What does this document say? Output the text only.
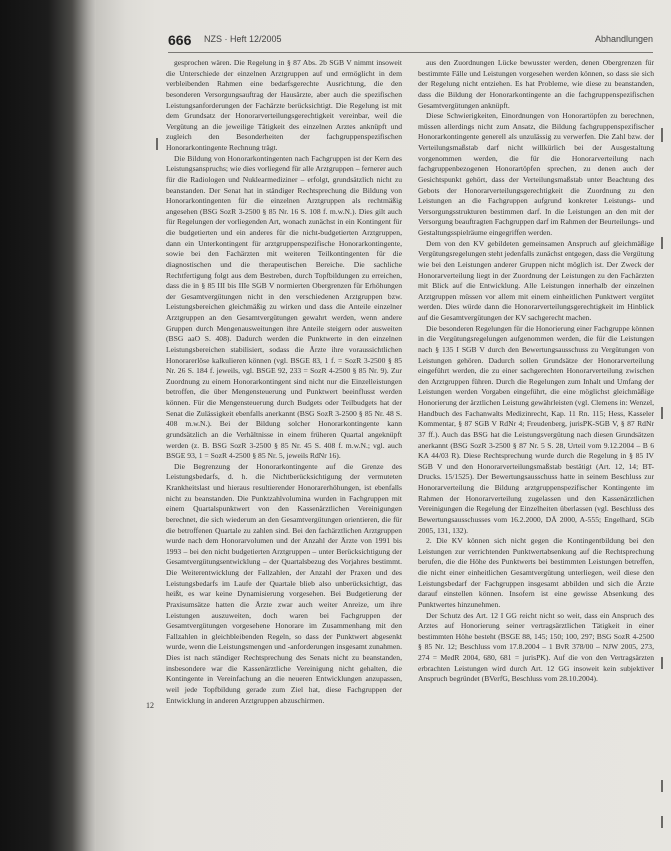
666 NZS · Heft 12/2005	Abhandlungen
12

gesprochen wären. Die Regelung in § 87 Abs. 2b SGB V nimmt insoweit die Unterschiede der einzelnen Arztgruppen auf und ermöglicht in dem verbleibenden Rahmen eine bedarfsgerechte Ausrichtung, die den besonderen Versorgungsauftrag der Hausärzte, aber auch die spezifischen Leistungsanforderungen der Fachärzte berücksichtigt. Die Regelung ist mit dem Grundsatz der Honorarverteilungsgerechtigkeit vereinbar, weil die Vergütung an die jeweilige Tätigkeit des einzelnen Arztes anknüpft und zugleich den Besonderheiten der fachgruppenspezifischen Honorarkontingente Rechnung trägt.

Die Bildung von Honorarkontingenten nach Fachgruppen ist der Kern des Leistungsanspruchs; wie dies vorliegend für alle Arztgruppen – fernerer auch für die Radiologen und Nuklearmediziner – erfolgt, grundsätzlich nicht zu beanstanden. Der Senat hat in ständiger Rechtsprechung die Bildung von Honorarkontingenten für die einzelnen Arztgruppen als rechtmäßig angesehen (BSG SozR 3-2500 § 85 Nr. 16 S. 108 f. m.w.N.). Dies gilt auch für Regelungen der vorliegenden Art, wonach zunächst in ein Kontingent für die budgetierten und ein anderes für die nicht-budgetierten Arztgruppen, dann ein Unterkontingent für arztgruppenspezifische Honorarkontingente, sowie bei den Fachärzten mit weiteren Teilkontingenten für die diagnostischen und die therapeutischen Bereiche. Die sachliche Rechtfertigung folgt aus dem Bestreben, durch Topfbildungen zu erreichen, dass die in § 85 III bis IIIe SGB V normierten Obergrenzen für Erhöhungen der Gesamtvergütungen nicht in den verschiedenen Arztgruppen bzw. Leistungsbereichen gleichmäßig zu wirken und dass die Anteile einzelner Arztgruppen an den Gesamtvergütungen gewahrt werden, wenn andere Gruppen durch Mengenausweitungen ihre Anteile steigern oder ausweiten (BSG aaO S. 408). Dadurch werden die Punktwerte in den einzelnen Leistungsbereichen stabilisiert, sodass die Ärzte ihre voraussichtlichen Honorarerlöse kalkulieren können (vgl. BSGE 83, 1 f. = SozR 3-2500 § 85 Nr. 26 S. 184 f. jeweils, vgl. BSGE 92, 233 = SozR 4-2500 § 85 Nr. 9). Zur Zuordnung zu einem Honorarkontingent sind nicht nur die Einzelleistungen betroffen, die über Mengensteuerung und Punktwert beeinflusst werden können. Für die Mengensteuerung durch Budgets oder Teilbudgets hat der Senat die Zulässigkeit ebenfalls anerkannt (BSG SozR 3-2500 § 85 Nr. 48 S. 408 m.w.N.). Bei der Bildung solcher Honorarkontingente kann grundsätzlich an die Verhältnisse in einem früheren Quartal angeknüpft werden (z. B. BSG SozR 3-2500 § 85 Nr. 45 S. 408 f. m.w.N.; vgl. auch BSGE 93, 1 = SozR 4-2500 § 85 Nr. 5, jeweils RdNr 16).

Die Begrenzung der Honorarkontingente auf die Grenze des Leistungsbedarfs, d. h. die Nichtberücksichtigung der vermuteten Krankheitslast und hieraus resultierender Honorarerhöhungen, ist ebenfalls nicht zu beanstanden. Die Punktzahlvolumina wurden in Fachgruppen mit einem Quartalspunktwert von den Kassenärztlichen Vereinigungen berechnet, die sich wiederum an den Gesamtvergütungen orientieren, die für die betroffenen Quartale zu zahlen sind. Bei den fachärztlichen Arztgruppen wurde nach dem Honorarvolumen und der Anzahl der Ärzte von 1991 bis 1993 – bei den nicht budgetierten Arztgruppen – unter Berücksichtigung der Gesamtvergütungsentwicklung – der Quartalsbezug des Vorjahres bestimmt. Die Weiterentwicklung der Fallzahlen, der Anzahl der Praxen und des Leistungsbedarfs im Laufe der Quartale blieb also unberücksichtigt, das heißt, es war keine Dynamisierung vorgesehen. Bei Budgetierung der Praxisumsätze hatten die Ärzte zwar auch weiter Anreize, um ihre Leistungen auszuweiten, doch waren bei Fachgruppen der Gesamtvergütungen vorgesehene Honorare im Zusammenhang mit den Fallzahlen in gleichbleibenden Regeln, so dass der Punktwert abgesenkt wurde, wenn die Leistungsmengen und -anforderungen insgesamt zunahmen. Dies ist nach ständiger Rechtsprechung des Senats nicht zu beanstanden, insbesondere war die Kassenärztliche Vereinigung nicht gehalten, die Kontingente in Vereinfachung an die neueren Entwicklungen anzupassen, weil jede Topfbildung gerade zum Ziel hat, diese Fachgruppen der Entwicklung in anderen Arztgruppen abzuschirmen.

aus den Zuordnungen Lücke bewusster werden, denen Obergrenzen für bestimmte Fälle und Leistungen vorgesehen werden können, so dass sie sich der Regelung nicht entziehen. Es hat Probleme, wie diese zu beanstanden, dass die Bildung der Honorarkontingente an die fachgruppenspezifischen Gesamtvergütungen anknüpft.

Diese Schwierigkeiten, Einordnungen von Honorartöpfen zu berechnen, müssen allerdings nicht zum Ansatz, die Bildung fachgruppenspezifischer Honorarkontingente generell als unzulässig zu verwerfen. Die Zahl bzw. der Verteilungsmaßstab darf nicht willkürlich bei der Ausgestaltung vorgenommen werden, die für die Honorarverteilung nach fachgruppenbezogenen Honorartöpfen sprechen, zu denen auch der Gesichtspunkt gehört, dass der Verteilungsmaßstab unter Beachtung des Gebots der Honorarverteilungsgerechtigkeit die Zuordnung zu den Leistungen an die Fachgruppen aufgrund konkreter Leistungs- und Versorgungsstrukturen bestimmen darf. In die Leistungen an den mit der Versorgung beauftragten Fachgruppen darf im Rahmen der Beurteilungs- und Gestaltungsspielräume eingegriffen werden.

Dem von den KV gebildeten gemeinsamen Anspruch auf gleichmäßige Vergütungsregelungen steht jedenfalls zunächst entgegen, dass die Vergütung wie bei den Leistungen anderer Gruppen nicht möglich ist. Der Zweck der Honorarverteilung liegt in der Zuordnung der Leistungen zu den Fachärzten mit Blick auf die Entwicklung. Alle Leistungen innerhalb der einzelnen Arztgruppen müssen vor allem mit einem einheitlichen Punktwert vergütet werden. Dies würde dann die Honorarverteilungsgerechtigkeit im Hinblick auf die Gesamtvergütungen der KV sachgerecht machen.

Die besonderen Regelungen für die Honorierung einer Fachgruppe können in die Vergütungsregelungen aufgenommen werden, die für die Leistungen nach § 135 I SGB V durch den Bewertungsausschuss zu Vergütungen von Leistungen gehören. Dadurch sollen Grundsätze der Honorarverteilung eingeführt werden, die zu einer sachgerechten Honorarverteilung zwischen den Arztgruppen führen. Durch die Regelungen zum Inhalt und Umfang der Leistungen werden Vorgaben eingeführt, die eine möglichst gleichmäßige Honorierung der ärztlichen Leistung gewährleisten (vgl. Clemens in: Wenzel, Handbuch des Fachanwalts Medizinrecht, Kap. 11 Rn. 115; Hess, Kasseler Kommentar, § 87 SGB V RdNr 4; Freudenberg, jurisPK-SGB V, § 87 RdNr 37 ff.). Auch das BSG hat die Leistungsvergütung nach diesen Grundsätzen anerkannt (BSG SozR 3-2500 § 87 Nr. 5 S. 28, Urteil vom 9.12.2004 – B 6 KA 44/03 R). Diese Rechtsprechung wurde durch die Regelung in § 85 IV SGB V und den Honorarverteilungsmaßstab bestätigt (Art. 12, 14; BT-Drucks. 15/1525). Der Bewertungsausschuss hatte in seinem Beschluss zur Honorarverteilung die Bildung arztgruppenspezifischer Kontingente im Rahmen der Honorarverteilung zugelassen und den Kassenärztlichen Vereinigungen die Regelung der Einzelheiten überlassen (vgl. Beschluss des Bewertungsausschusses vom 16.2.2000, DÄ 2000, A-555; Engelhard, SGb 2005, 131, 132).

2. Die KV können sich nicht gegen die Kontingentbildung bei den Leistungen zur verrichtenden Punktwertabsenkung auf die Rechtsprechung berufen, die die Höhe des Punktwerts bei bestimmten Leistungen betreffen, die nicht einer einheitlichen Gesamtvergütung unterliegen, weil diese den Leistungsbedarf der Fachgruppen insgesamt abbilden und sich die Ärzte darauf einstellen können. Insofern ist eine gewisse Absenkung des Punktwertes hinzunehmen.

Der Schutz des Art. 12 I GG reicht nicht so weit, dass ein Anspruch des Arztes auf Honorierung seiner vertragsärztlichen Tätigkeit in einer bestimmten Höhe besteht (BSGE 88, 145; 150; 100, 297; BSG SozR 4-2500 § 85 Nr. 12; Beschluss vom 17.8.2004 – 1 BvR 378/00 – NJW 2005, 273, 274 = MedR 2004, 680, 681 = jurisPK). Auf die von den Vertragsärzten erbrachten Leistungen wird durch Art. 12 GG insoweit kein subjektiver Anspruch begründet (BVerfG, Beschluss vom 28.10.2004).
